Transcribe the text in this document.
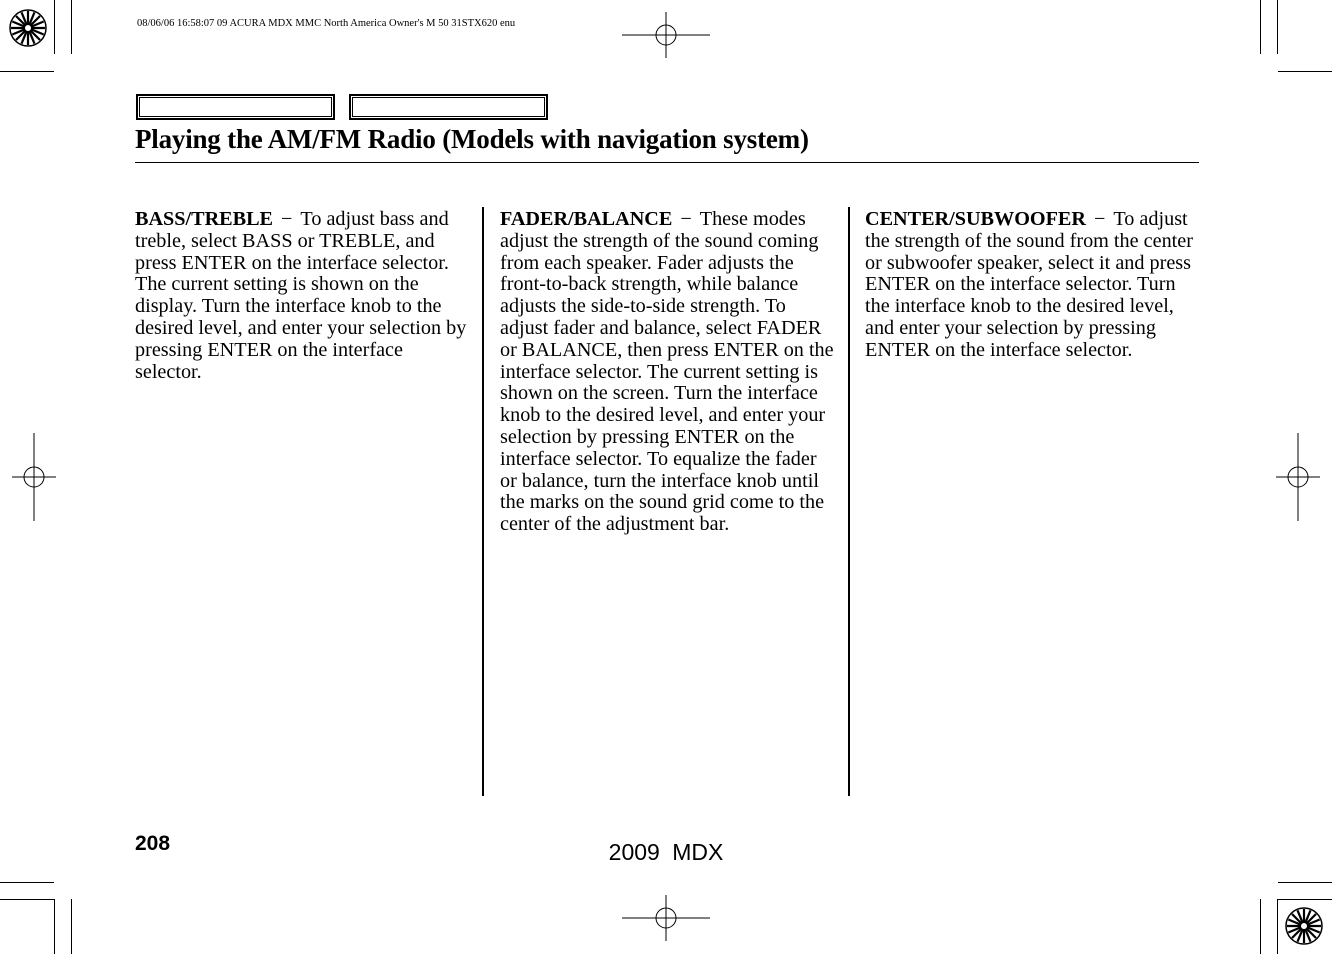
08/06/06 16:58:07 09 ACURA MDX MMC North America Owner's M 50 31STX620 enu
Playing the AM/FM Radio (Models with navigation system)
BASS/TREBLE − To adjust bass and treble, select BASS or TREBLE, and press ENTER on the interface selector. The current setting is shown on the display. Turn the interface knob to the desired level, and enter your selection by pressing ENTER on the interface selector.
FADER/BALANCE − These modes adjust the strength of the sound coming from each speaker. Fader adjusts the front-to-back strength, while balance adjusts the side-to-side strength. To adjust fader and balance, select FADER or BALANCE, then press ENTER on the interface selector. The current setting is shown on the screen. Turn the interface knob to the desired level, and enter your selection by pressing ENTER on the interface selector. To equalize the fader or balance, turn the interface knob until the marks on the sound grid come to the center of the adjustment bar.
CENTER/SUBWOOFER − To adjust the strength of the sound from the center or subwoofer speaker, select it and press ENTER on the interface selector. Turn the interface knob to the desired level, and enter your selection by pressing ENTER on the interface selector.
208	2009 MDX
